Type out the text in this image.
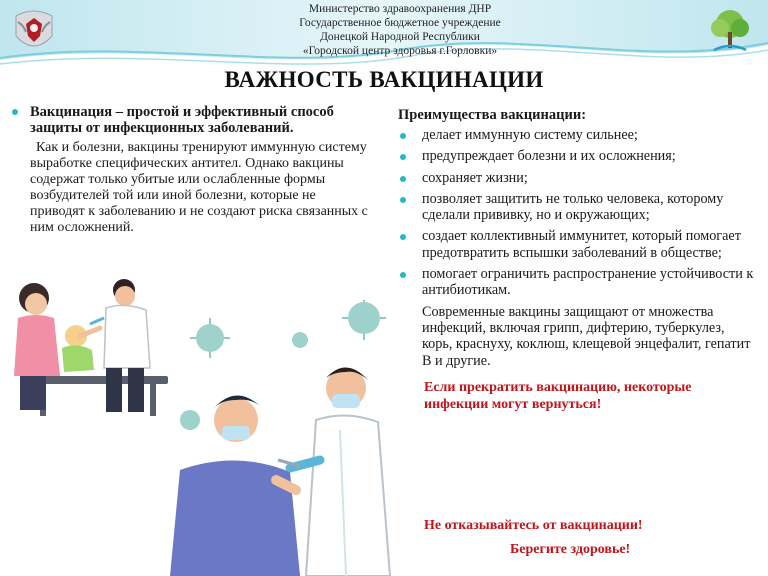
Министерство здравоохранения ДНР
Государственное бюджетное учреждение
Донецкой Народной Республики
«Городской центр здоровья г.Горловки»
ВАЖНОСТЬ ВАКЦИНАЦИИ
Вакцинация – простой и эффективный способ защиты от инфекционных заболеваний.
Как и болезни, вакцины тренируют иммунную систему выработке специфических антител. Однако вакцины содержат только убитые или ослабленные формы возбудителей той или иной болезни, которые не приводят к заболеванию и не создают риска связанных с ним осложнений.
Преимущества вакцинации:
делает иммунную систему сильнее;
предупреждает болезни и их осложнения;
сохраняет жизни;
позволяет защитить не только человека, которому сделали прививку, но и окружающих;
создает коллективный иммунитет, который помогает предотвратить вспышки заболеваний в обществе;
помогает ограничить распространение устойчивости к антибиотикам.
Современные вакцины защищают от множества инфекций, включая грипп, дифтерию, туберкулез, корь, краснуху, коклюш, клещевой энцефалит, гепатит В и другие.
Если прекратить вакцинацию, некоторые инфекции могут вернуться!
Не отказывайтесь от вакцинации!
Берегите здоровье!
